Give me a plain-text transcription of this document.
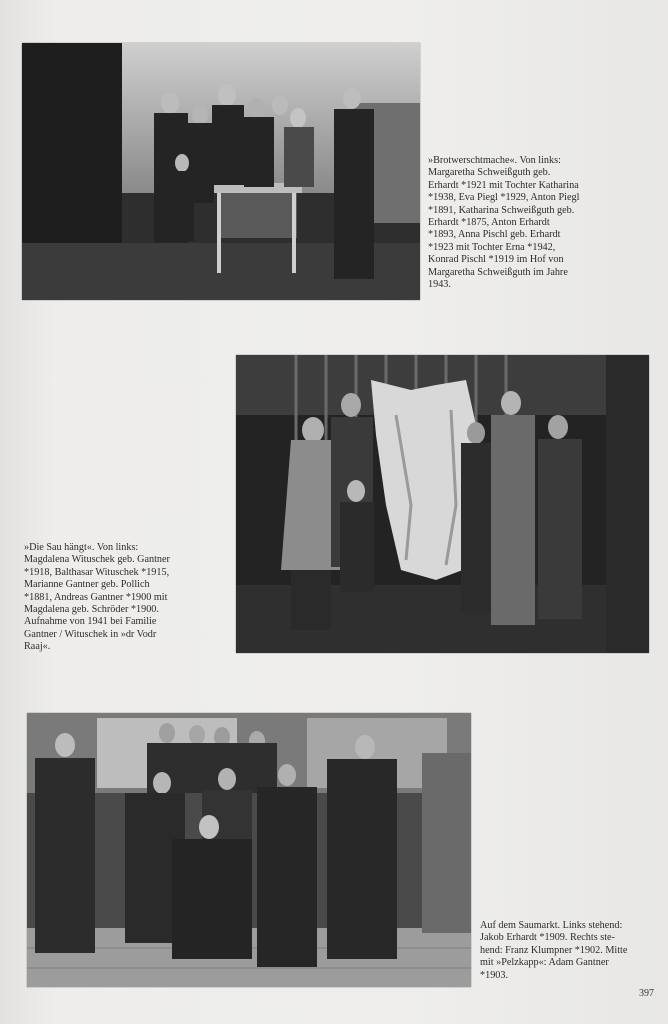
»Brotwerschtmache«. Von links:
Margaretha Schweißguth geb.
Erhardt *1921 mit Tochter Katharina
*1938, Eva Piegl *1929, Anton Piegl
*1891, Katharina Schweißguth geb.
Erhardt *1875, Anton Erhardt
*1893, Anna Pischl geb. Erhardt
*1923 mit Tochter Erna *1942,
Konrad Pischl *1919 im Hof von
Margaretha Schweißguth im Jahre
1943.
»Die Sau hängt«. Von links:
Magdalena Wituschek geb. Gantner
*1918, Balthasar Wituschek *1915,
Marianne Gantner geb. Pollich
*1881, Andreas Gantner *1900 mit
Magdalena geb. Schröder *1900.
Aufnahme von 1941 bei Familie
Gantner / Wituschek in »dr Vodr
Raaj«.
Auf dem Saumarkt. Links stehend:
Jakob Erhardt *1909. Rechts ste-
hend: Franz Klumpner *1902. Mitte
mit »Pelzkapp«: Adam Gantner
*1903.
397
